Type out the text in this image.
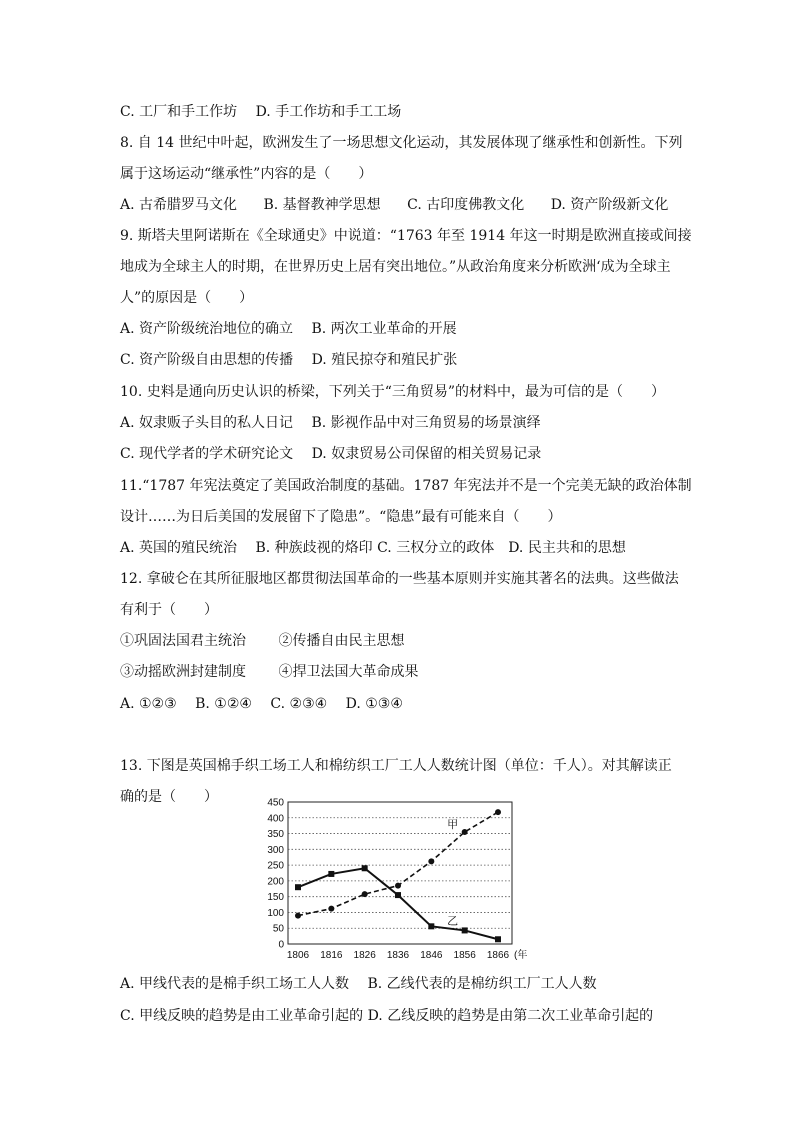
C. 工厂和手工作坊　 D. 手工作坊和手工工场
8. 自 14 世纪中叶起，欧洲发生了一场思想文化运动，其发展体现了继承性和创新性。下列
属于这场运动“继承性”内容的是（　　）
A. 古希腊罗马文化 B. 基督教神学思想 C. 古印度佛教文化 D. 资产阶级新文化
9. 斯塔夫里阿诺斯在《全球通史》中说道：“1763 年至 1914 年这一时期是欧洲直接或间接
地成为全球主人的时期，在世界历史上居有突出地位。”从政治角度来分析欧洲‘成为全球主
人”的原因是（　　）
A. 资产阶级统治地位的确立　 B. 两次工业革命的开展
C. 资产阶级自由思想的传播　 D. 殖民掠夺和殖民扩张
10. 史料是通向历史认识的桥梁，下列关于“三角贸易”的材料中，最为可信的是（　　）
A. 奴隶贩子头目的私人日记　 B. 影视作品中对三角贸易的场景演绎
C. 现代学者的学术研究论文　 D. 奴隶贸易公司保留的相关贸易记录
11.“1787 年宪法奠定了美国政治制度的基础。1787 年宪法并不是一个完美无缺的政治体制
设计……为日后美国的发展留下了隐患”。“隐患”最有可能来自（　　）
A. 英国的殖民统治　 B. 种族歧视的烙印 C. 三权分立的政体　D. 民主共和的思想
12. 拿破仑在其所征服地区都贯彻法国革命的一些基本原则并实施其著名的法典。这些做法
有利于（　　）
①巩固法国君主统治　　 ②传播自由民主思想
③动摇欧洲封建制度　　 ④捍卫法国大革命成果
A. ①②③　 B. ①②④　 C. ②③④　 D. ①③④
13. 下图是英国棉手织工场工人和棉纺织工厂工人人数统计图（单位：千人）。对其解读正
0
50
100
150
200
250
300
350
400
450
1806 1816 1826 1836 1846 1856 1866 (年
甲
乙
A. 甲线代表的是棉手织工场工人人数　 B. 乙线代表的是棉纺织工厂工人人数
C. 甲线反映的趋势是由工业革命引起的 D. 乙线反映的趋势是由第二次工业革命引起的
确的是（　　）
